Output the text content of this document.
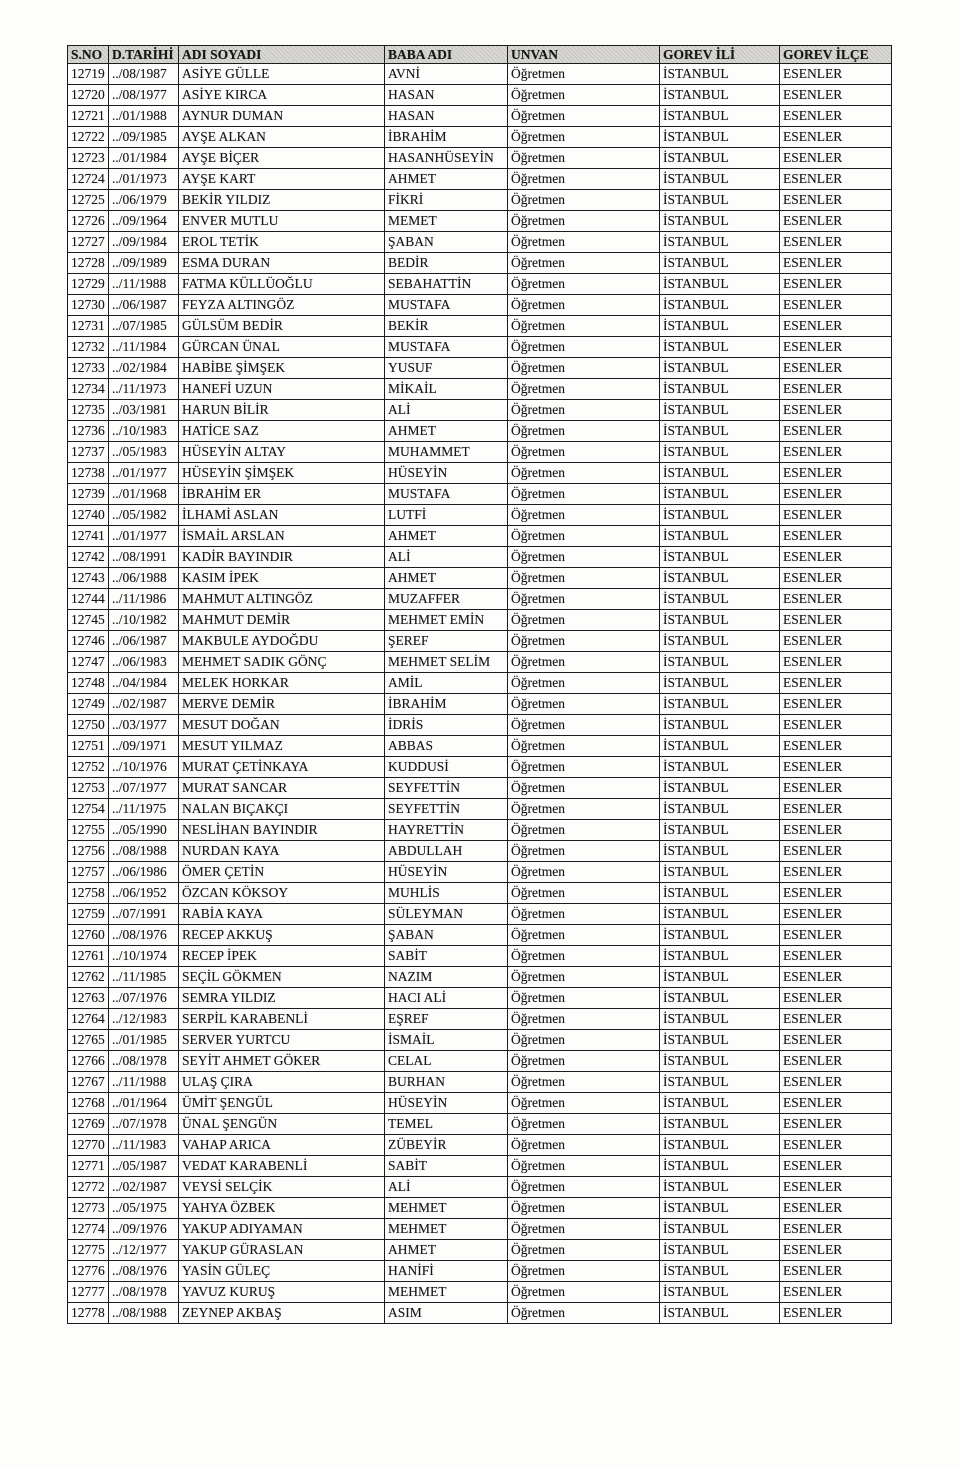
S.NO	D.TARİHİ	ADI SOYADI	BABA ADI	UNVAN	GOREV İLİ	GOREV İLÇE
12719	../08/1987	ASİYE GÜLLE	AVNİ	Öğretmen	İSTANBUL	ESENLER
12720	../08/1977	ASİYE KIRCA	HASAN	Öğretmen	İSTANBUL	ESENLER
12721	../01/1988	AYNUR DUMAN	HASAN	Öğretmen	İSTANBUL	ESENLER
12722	../09/1985	AYŞE ALKAN	İBRAHİM	Öğretmen	İSTANBUL	ESENLER
12723	../01/1984	AYŞE BİÇER	HASANHÜSEYİN	Öğretmen	İSTANBUL	ESENLER
12724	../01/1973	AYŞE KART	AHMET	Öğretmen	İSTANBUL	ESENLER
12725	../06/1979	BEKİR YILDIZ	FİKRİ	Öğretmen	İSTANBUL	ESENLER
12726	../09/1964	ENVER MUTLU	MEMET	Öğretmen	İSTANBUL	ESENLER
12727	../09/1984	EROL TETİK	ŞABAN	Öğretmen	İSTANBUL	ESENLER
12728	../09/1989	ESMA DURAN	BEDİR	Öğretmen	İSTANBUL	ESENLER
12729	../11/1988	FATMA KÜLLÜOĞLU	SEBAHATTİN	Öğretmen	İSTANBUL	ESENLER
12730	../06/1987	FEYZA ALTINGÖZ	MUSTAFA	Öğretmen	İSTANBUL	ESENLER
12731	../07/1985	GÜLSÜM BEDİR	BEKİR	Öğretmen	İSTANBUL	ESENLER
12732	../11/1984	GÜRCAN ÜNAL	MUSTAFA	Öğretmen	İSTANBUL	ESENLER
12733	../02/1984	HABİBE ŞİMŞEK	YUSUF	Öğretmen	İSTANBUL	ESENLER
12734	../11/1973	HANEFİ UZUN	MİKAİL	Öğretmen	İSTANBUL	ESENLER
12735	../03/1981	HARUN BİLİR	ALİ	Öğretmen	İSTANBUL	ESENLER
12736	../10/1983	HATİCE SAZ	AHMET	Öğretmen	İSTANBUL	ESENLER
12737	../05/1983	HÜSEYİN ALTAY	MUHAMMET	Öğretmen	İSTANBUL	ESENLER
12738	../01/1977	HÜSEYİN ŞİMŞEK	HÜSEYİN	Öğretmen	İSTANBUL	ESENLER
12739	../01/1968	İBRAHİM ER	MUSTAFA	Öğretmen	İSTANBUL	ESENLER
12740	../05/1982	İLHAMİ ASLAN	LUTFİ	Öğretmen	İSTANBUL	ESENLER
12741	../01/1977	İSMAİL ARSLAN	AHMET	Öğretmen	İSTANBUL	ESENLER
12742	../08/1991	KADİR BAYINDIR	ALİ	Öğretmen	İSTANBUL	ESENLER
12743	../06/1988	KASIM İPEK	AHMET	Öğretmen	İSTANBUL	ESENLER
12744	../11/1986	MAHMUT ALTINGÖZ	MUZAFFER	Öğretmen	İSTANBUL	ESENLER
12745	../10/1982	MAHMUT DEMİR	MEHMET EMİN	Öğretmen	İSTANBUL	ESENLER
12746	../06/1987	MAKBULE AYDOĞDU	ŞEREF	Öğretmen	İSTANBUL	ESENLER
12747	../06/1983	MEHMET SADIK GÖNÇ	MEHMET SELİM	Öğretmen	İSTANBUL	ESENLER
12748	../04/1984	MELEK HORKAR	AMİL	Öğretmen	İSTANBUL	ESENLER
12749	../02/1987	MERVE DEMİR	İBRAHİM	Öğretmen	İSTANBUL	ESENLER
12750	../03/1977	MESUT DOĞAN	İDRİS	Öğretmen	İSTANBUL	ESENLER
12751	../09/1971	MESUT YILMAZ	ABBAS	Öğretmen	İSTANBUL	ESENLER
12752	../10/1976	MURAT ÇETİNKAYA	KUDDUSİ	Öğretmen	İSTANBUL	ESENLER
12753	../07/1977	MURAT SANCAR	SEYFETTİN	Öğretmen	İSTANBUL	ESENLER
12754	../11/1975	NALAN BIÇAKÇI	SEYFETTİN	Öğretmen	İSTANBUL	ESENLER
12755	../05/1990	NESLİHAN BAYINDIR	HAYRETTİN	Öğretmen	İSTANBUL	ESENLER
12756	../08/1988	NURDAN KAYA	ABDULLAH	Öğretmen	İSTANBUL	ESENLER
12757	../06/1986	ÖMER ÇETİN	HÜSEYİN	Öğretmen	İSTANBUL	ESENLER
12758	../06/1952	ÖZCAN KÖKSOY	MUHLİS	Öğretmen	İSTANBUL	ESENLER
12759	../07/1991	RABİA KAYA	SÜLEYMAN	Öğretmen	İSTANBUL	ESENLER
12760	../08/1976	RECEP AKKUŞ	ŞABAN	Öğretmen	İSTANBUL	ESENLER
12761	../10/1974	RECEP İPEK	SABİT	Öğretmen	İSTANBUL	ESENLER
12762	../11/1985	SEÇİL GÖKMEN	NAZIM	Öğretmen	İSTANBUL	ESENLER
12763	../07/1976	SEMRA YILDIZ	HACI ALİ	Öğretmen	İSTANBUL	ESENLER
12764	../12/1983	SERPİL KARABENLİ	EŞREF	Öğretmen	İSTANBUL	ESENLER
12765	../01/1985	SERVER YURTCU	İSMAİL	Öğretmen	İSTANBUL	ESENLER
12766	../08/1978	SEYİT AHMET GÖKER	CELAL	Öğretmen	İSTANBUL	ESENLER
12767	../11/1988	ULAŞ ÇIRA	BURHAN	Öğretmen	İSTANBUL	ESENLER
12768	../01/1964	ÜMİT ŞENGÜL	HÜSEYİN	Öğretmen	İSTANBUL	ESENLER
12769	../07/1978	ÜNAL ŞENGÜN	TEMEL	Öğretmen	İSTANBUL	ESENLER
12770	../11/1983	VAHAP ARICA	ZÜBEYİR	Öğretmen	İSTANBUL	ESENLER
12771	../05/1987	VEDAT KARABENLİ	SABİT	Öğretmen	İSTANBUL	ESENLER
12772	../02/1987	VEYSİ SELÇİK	ALİ	Öğretmen	İSTANBUL	ESENLER
12773	../05/1975	YAHYA ÖZBEK	MEHMET	Öğretmen	İSTANBUL	ESENLER
12774	../09/1976	YAKUP ADIYAMAN	MEHMET	Öğretmen	İSTANBUL	ESENLER
12775	../12/1977	YAKUP GÜRASLAN	AHMET	Öğretmen	İSTANBUL	ESENLER
12776	../08/1976	YASİN GÜLEÇ	HANİFİ	Öğretmen	İSTANBUL	ESENLER
12777	../08/1978	YAVUZ KURUŞ	MEHMET	Öğretmen	İSTANBUL	ESENLER
12778	../08/1988	ZEYNEP AKBAŞ	ASIM	Öğretmen	İSTANBUL	ESENLER
